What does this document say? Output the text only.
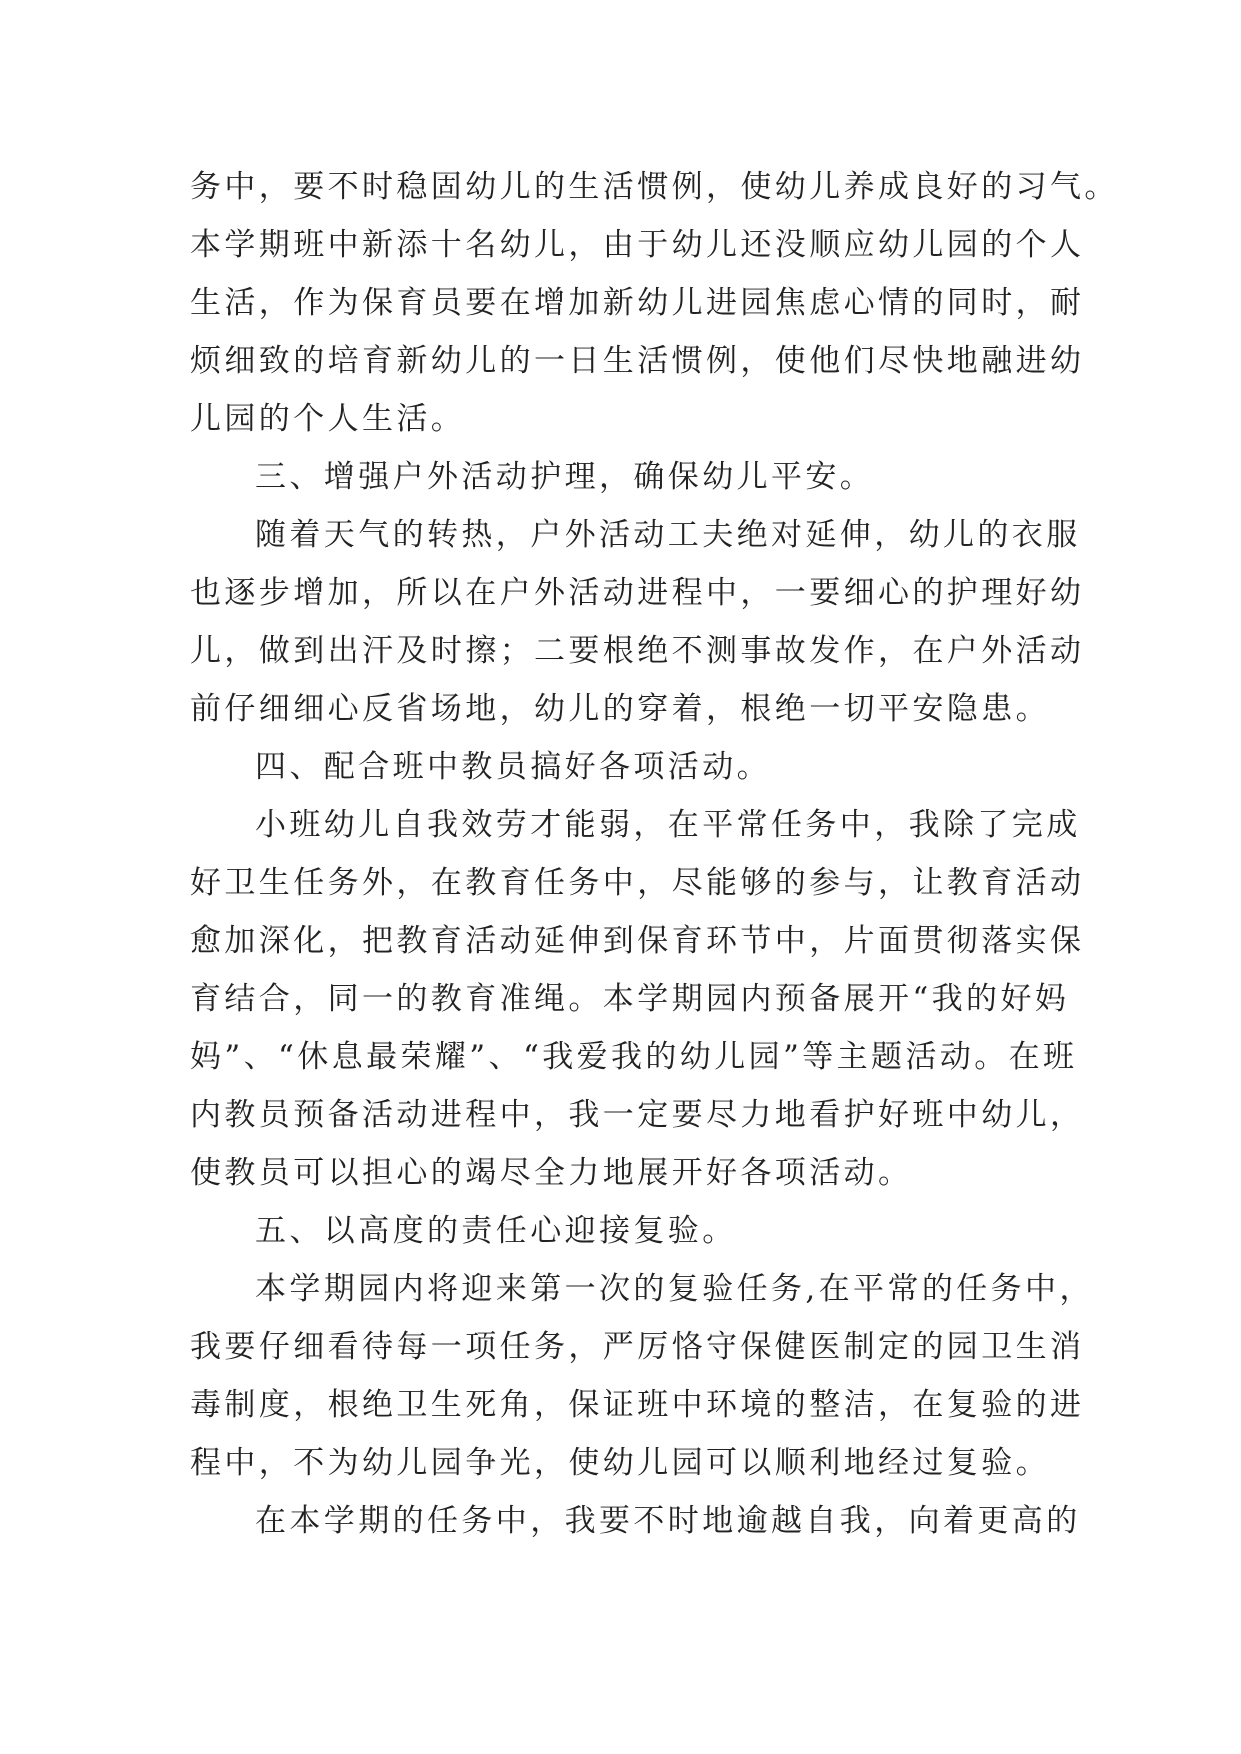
务中，要不时稳固幼儿的生活惯例，使幼儿养成良好的习气。
本学期班中新添十名幼儿，由于幼儿还没顺应幼儿园的个人
生活，作为保育员要在增加新幼儿进园焦虑心情的同时，耐
烦细致的培育新幼儿的一日生活惯例，使他们尽快地融进幼
儿园的个人生活。
三、增强户外活动护理，确保幼儿平安。
随着天气的转热，户外活动工夫绝对延伸，幼儿的衣服
也逐步增加，所以在户外活动进程中，一要细心的护理好幼
儿，做到出汗及时擦；二要根绝不测事故发作，在户外活动
前仔细细心反省场地，幼儿的穿着，根绝一切平安隐患。
四、配合班中教员搞好各项活动。
小班幼儿自我效劳才能弱，在平常任务中，我除了完成
好卫生任务外，在教育任务中，尽能够的参与，让教育活动
愈加深化，把教育活动延伸到保育环节中，片面贯彻落实保
育结合，同一的教育准绳。本学期园内预备展开“我的好妈
妈”、“休息最荣耀”、“我爱我的幼儿园”等主题活动。在班
内教员预备活动进程中，我一定要尽力地看护好班中幼儿，
使教员可以担心的竭尽全力地展开好各项活动。
五、以高度的责任心迎接复验。
本学期园内将迎来第一次的复验任务,在平常的任务中，
我要仔细看待每一项任务，严厉恪守保健医制定的园卫生消
毒制度，根绝卫生死角，保证班中环境的整洁，在复验的进
程中，不为幼儿园争光，使幼儿园可以顺利地经过复验。
在本学期的任务中，我要不时地逾越自我，向着更高的
